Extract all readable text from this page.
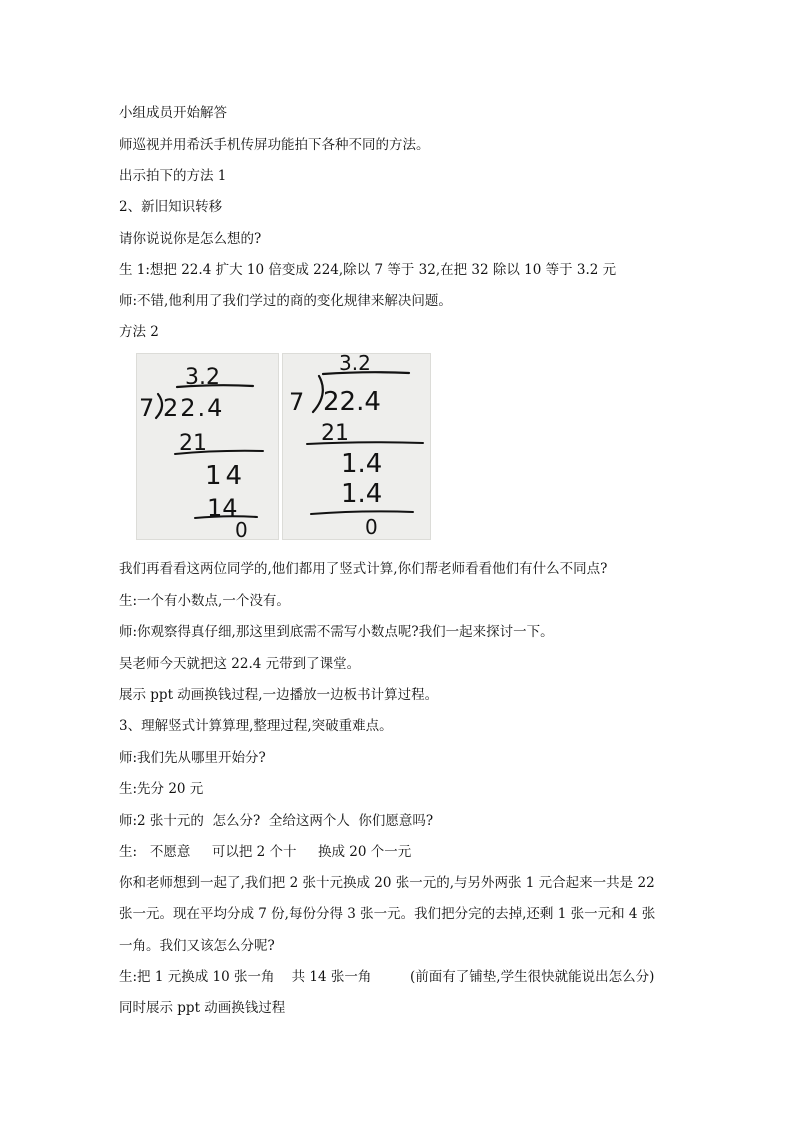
小组成员开始解答

师巡视并用希沃手机传屏功能拍下各种不同的方法。

出示拍下的方法 1

2、新旧知识转移

请你说说你是怎么想的?

生 1:想把 22.4 扩大 10 倍变成 224,除以 7 等于 32,在把 32 除以 10 等于 3.2 元

师:不错,他利用了我们学过的商的变化规律来解决问题。

方法 2

3.2
7 22.4
21
14
14
0
3.2
7 22.4
21
1.4
1.4
0

我们再看看这两位同学的,他们都用了竖式计算,你们帮老师看看他们有什么不同点?

生:一个有小数点,一个没有。

师:你观察得真仔细,那这里到底需不需写小数点呢?我们一起来探讨一下。

吴老师今天就把这 22.4 元带到了课堂。

展示 ppt 动画换钱过程,一边播放一边板书计算过程。

3、理解竖式计算算理,整理过程,突破重难点。

师:我们先从哪里开始分?

生:先分 20 元

师:2 张十元的  怎么分?  全给这两个人  你们愿意吗?

生:   不愿意     可以把 2 个十     换成 20 个一元

你和老师想到一起了,我们把 2 张十元换成 20 张一元的,与另外两张 1 元合起来一共是 22

张一元。现在平均分成 7 份,每份分得 3 张一元。我们把分完的去掉,还剩 1 张一元和 4 张

一角。我们又该怎么分呢?

生:把 1 元换成 10 张一角    共 14 张一角         (前面有了铺垫,学生很快就能说出怎么分)

同时展示 ppt 动画换钱过程
